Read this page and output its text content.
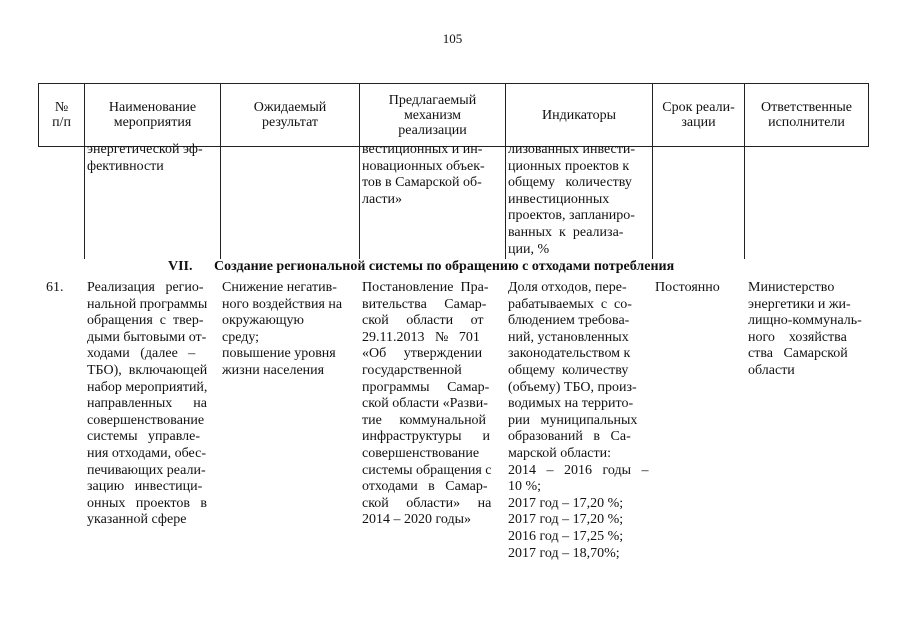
105
№
п/п
Наименование
мероприятия
Ожидаемый
результат
Предлагаемый
механизм
реализации
Индикаторы	Срок реали-
зации
Ответственные
исполнители
энергетической эф-
фективности
вестиционных и ин-
новационных объек-
тов в Самарской об-
ласти»
лизованных инвести-
ционных проектов к
общему   количеству
инвестиционных
проектов, запланиро-
ванных  к  реализа-
ции, %
VII. Создание региональной системы по обращению с отходами потребления
61. Реализация   регио-
нальной программы
обращения  с  твер-
дыми бытовыми от-
ходами   (далее   –
ТБО),  включающей
набор мероприятий,
направленных      на
совершенствование
системы   управле-
ния отходами, обес-
печивающих реали-
зацию   инвестици-
онных   проектов   в
указанной сфере
Снижение негатив-
ного воздействия на
окружающую
среду;
повышение уровня
жизни населения
Постановление  Пра-
вительства     Самар-
ской     области     от
29.11.2013   №   701
«Об     утверждении
государственной
программы     Самар-
ской области «Разви-
тие     коммунальной
инфраструктуры      и
совершенствование
системы обращения с
отходами   в   Самар-
ской     области»     на
2014 – 2020 годы»
Доля отходов, пере-
рабатываемых  с  со-
блюдением требова-
ний, установленных
законодательством к
общему  количеству
(объему) ТБО, произ-
водимых на террито-
рии   муниципальных
образований   в   Са-
марской области:
2014   –   2016   годы   –
10 %;
2017 год – 17,20 %;
2017 год – 17,20 %;
2016 год – 17,25 %;
2017 год – 18,70%;
Постоянно Министерство
энергетики и жи-
лищно-коммуналь-
ного    хозяйства
ства   Самарской
области
